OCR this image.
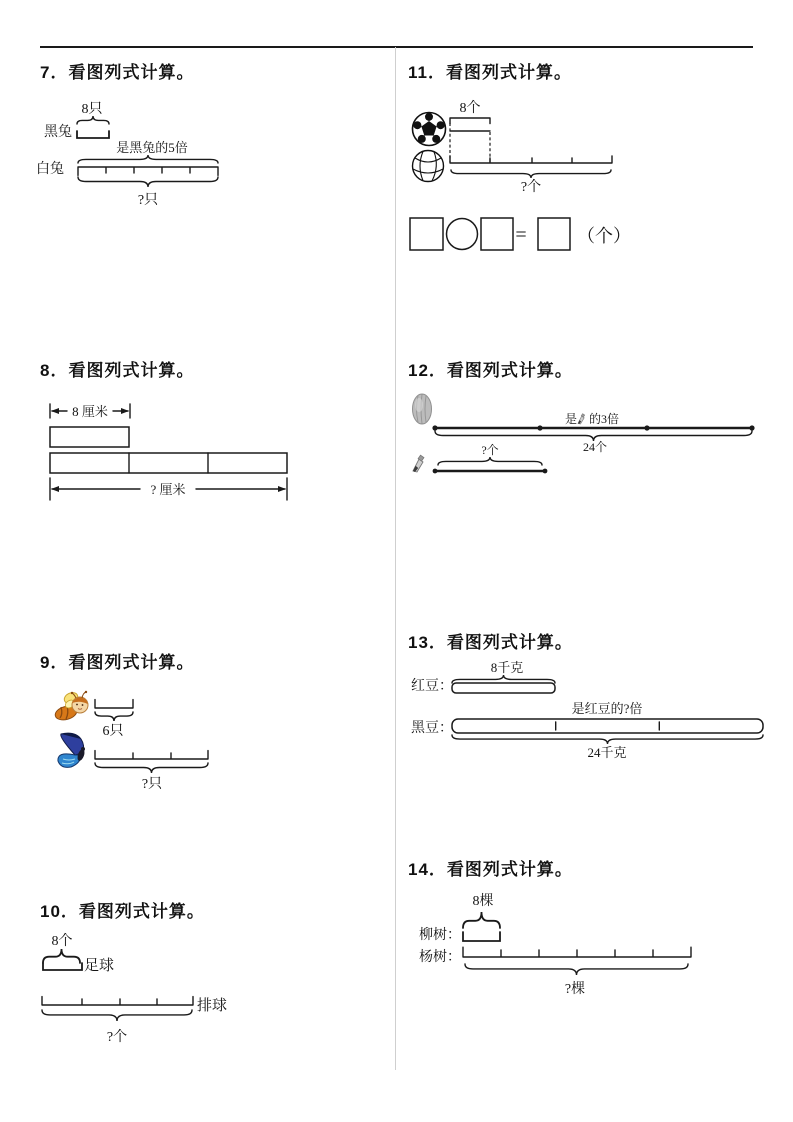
7．看图列式计算。
8只
黑兔
是黑兔的5倍
白兔
?只
11．看图列式计算。
8个
?个
=	（个）
8．看图列式计算。
8 厘米
? 厘米
12．看图列式计算。
是 的3倍
24个
?个
9．看图列式计算。
6只
?只
13．看图列式计算。
8千克
红豆：
是红豆的?倍
黑豆：
24千克
10．看图列式计算。
8个
足球
排球
?个
14．看图列式计算。
8棵
柳树：
杨树：
?棵
